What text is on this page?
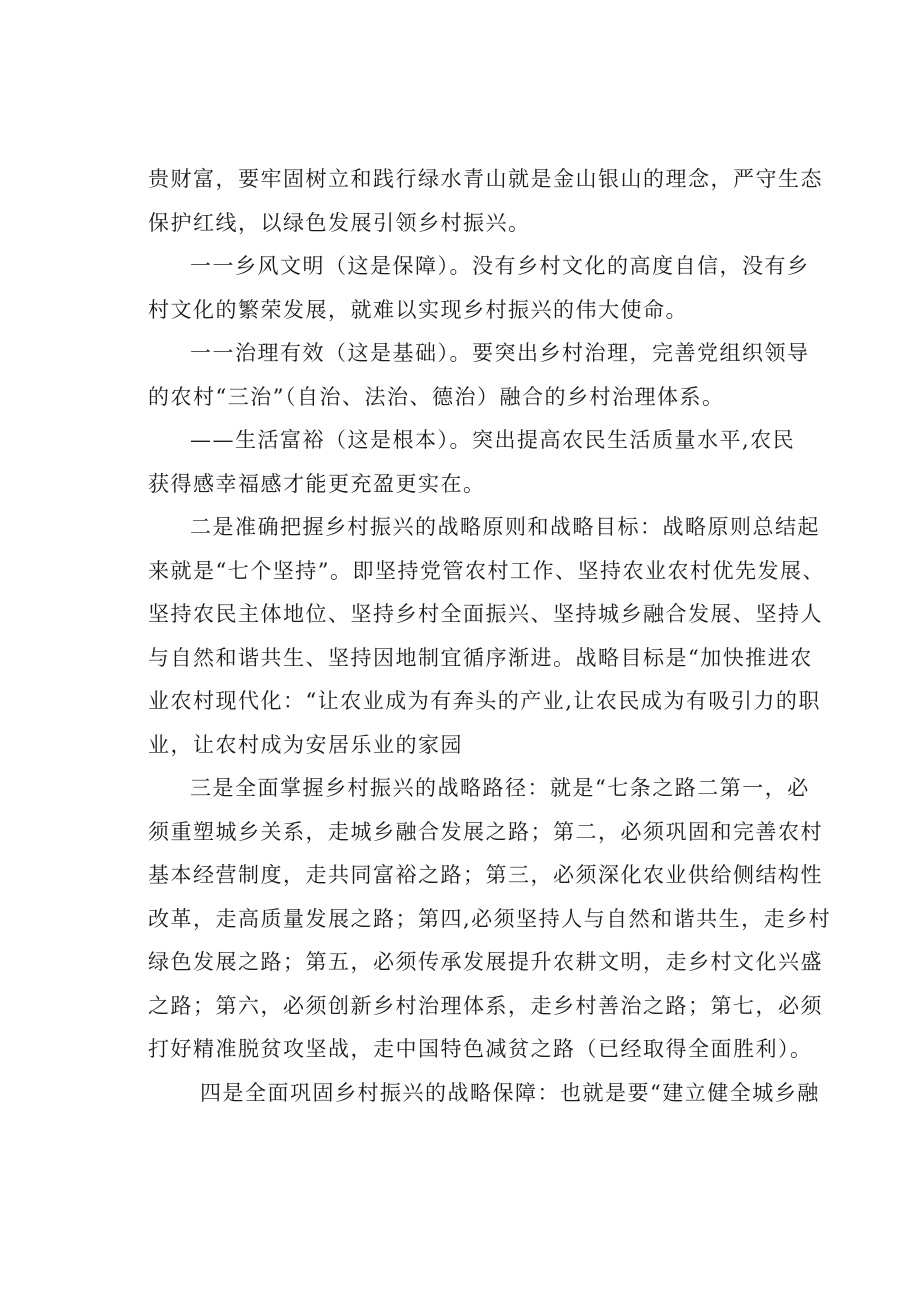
贵财富，要牢固树立和践行绿水青山就是金山银山的理念，严守生态
保护红线，以绿色发展引领乡村振兴。
一一乡风文明（这是保障）。没有乡村文化的高度自信，没有乡
村文化的繁荣发展，就难以实现乡村振兴的伟大使命。
一一治理有效（这是基础）。要突出乡村治理，完善党组织领导
的农村“三治”（自治、法治、德治）融合的乡村治理体系。
——生活富裕（这是根本）。突出提高农民生活质量水平,农民
获得感幸福感才能更充盈更实在。
二是准确把握乡村振兴的战略原则和战略目标：战略原则总结起
来就是“七个坚持”。即坚持党管农村工作、坚持农业农村优先发展、
坚持农民主体地位、坚持乡村全面振兴、坚持城乡融合发展、坚持人
与自然和谐共生、坚持因地制宜循序渐进。战略目标是“加快推进农
业农村现代化：“让农业成为有奔头的产业,让农民成为有吸引力的职
业，让农村成为安居乐业的家园
三是全面掌握乡村振兴的战略路径：就是“七条之路二第一，必
须重塑城乡关系，走城乡融合发展之路；第二，必须巩固和完善农村
基本经营制度，走共同富裕之路；第三，必须深化农业供给侧结构性
改革，走高质量发展之路；第四,必须坚持人与自然和谐共生，走乡村
绿色发展之路；第五，必须传承发展提升农耕文明，走乡村文化兴盛
之路；第六，必须创新乡村治理体系，走乡村善治之路；第七，必须
打好精准脱贫攻坚战，走中国特色减贫之路（已经取得全面胜利）。
四是全面巩固乡村振兴的战略保障：也就是要“建立健全城乡融
